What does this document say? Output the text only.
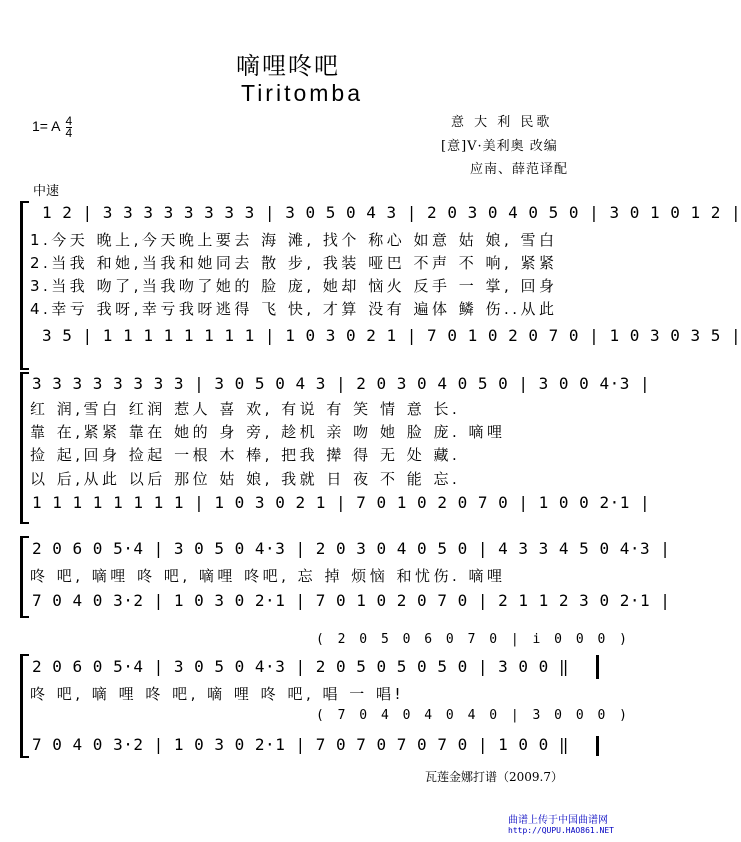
嘀哩咚吧
Tiritomba
1= A $\frac{4}{4}$	意 大 利 民歌
[意]V·美利奥 改编
应南、薛范译配
中速
1 2 | 3 3 3 3 3 3 3 3 | 3 0 5 0 4 3 | 2 0 3 0 4 0 5 0 | 3 0 1 0 1 2 |
1.今天 晚上,今天晚上要去 海 滩, 找个 称心 如意 姑 娘, 雪白
2.当我 和她,当我和她同去 散 步, 我装 哑巴 不声 不 响, 紧紧
3.当我 吻了,当我吻了她的 脸 庞, 她却 恼火 反手 一 掌, 回身
4.幸亏 我呀,幸亏我呀逃得 飞 快, 才算 没有 遍体 鳞 伤..从此
3 5 | 1 1 1 1 1 1 1 1 | 1 0 3 0 2 1 | 7 0 1 0 2 0 7 0 | 1 0 3 0 3 5 |
3 3 3 3 3 3 3 3 | 3 0 5 0 4 3 | 2 0 3 0 4 0 5 0 | 3 0 0 4·3 |
红 润,雪白 红润 惹人 喜 欢, 有说 有 笑 情 意 长.
靠 在,紧紧 靠在 她的 身 旁, 趁机 亲 吻 她 脸 庞. 嘀哩
捡 起,回身 捡起 一根 木 棒, 把我 撵 得 无 处 藏.
以 后,从此 以后 那位 姑 娘, 我就 日 夜 不 能 忘.
1 1 1 1 1 1 1 1 | 1 0 3 0 2 1 | 7 0 1 0 2 0 7 0 | 1 0 0 2·1 |
2 0 6 0 5·4 | 3 0 5 0 4·3 | 2 0 3 0 4 0 5 0 | 4 3 3 4 5 0 4·3 |
咚 吧, 嘀哩 咚 吧, 嘀哩 咚吧, 忘 掉 烦恼 和忧伤. 嘀哩
7 0 4 0 3·2 | 1 0 3 0 2·1 | 7 0 1 0 2 0 7 0 | 2 1 1 2 3 0 2·1 |
( 2 0 5 0 6 0 7 0 | i 0 0 0 )
2 0 6 0 5·4 | 3 0 5 0 4·3 | 2 0 5 0 5 0 5 0 | 3 0 0 ‖
咚 吧, 嘀 哩 咚 吧, 嘀 哩 咚 吧, 唱 一 唱!
( 7 0 4 0 4 0 4 0 | 3 0 0 0 )
7 0 4 0 3·2 | 1 0 3 0 2·1 | 7 0 7 0 7 0 7 0 | 1 0 0 ‖
瓦莲金娜打谱（2009.7）
曲谱上传于中国曲谱网
http://QUPU.HAO861.NET
